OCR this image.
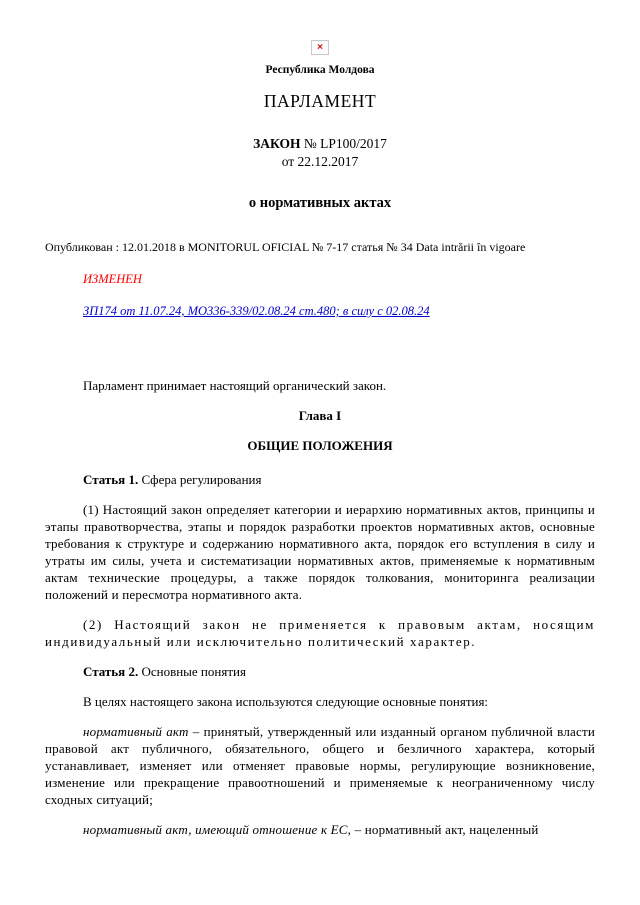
×
Республика Молдова
ПАРЛАМЕНТ
ЗАКОН № LP100/2017
от 22.12.2017
о нормативных актах

Опубликован : 12.01.2018 в MONITORUL OFICIAL № 7-17 статья № 34 Data intrării în vigoare

ИЗМЕНЕН

ЗП174 от 11.07.24, MO336-339/02.08.24 ст.480; в силу с 02.08.24

Парламент принимает настоящий органический закон.

Глава I

ОБЩИЕ ПОЛОЖЕНИЯ

Статья 1. Сфера регулирования

(1) Настоящий закон определяет категории и иерархию нормативных актов, принципы и этапы правотворчества, этапы и порядок разработки проектов нормативных актов, основные требования к структуре и содержанию нормативного акта, порядок его вступления в силу и утраты им силы, учета и систематизации нормативных актов, применяемые к нормативным актам технические процедуры, а также порядок толкования, мониторинга реализации положений и пересмотра нормативного акта.

(2) Настоящий закон не применяется к правовым актам, носящим индивидуальный или исключительно политический характер.

Статья 2. Основные понятия

В целях настоящего закона используются следующие основные понятия:

нормативный акт – принятый, утвержденный или изданный органом публичной власти правовой акт публичного, обязательного, общего и безличного характера, который устанавливает, изменяет или отменяет правовые нормы, регулирующие возникновение, изменение или прекращение правоотношений и применяемые к неограниченному числу сходных ситуаций;

нормативный акт, имеющий отношение к ЕС, – нормативный акт, нацеленный
